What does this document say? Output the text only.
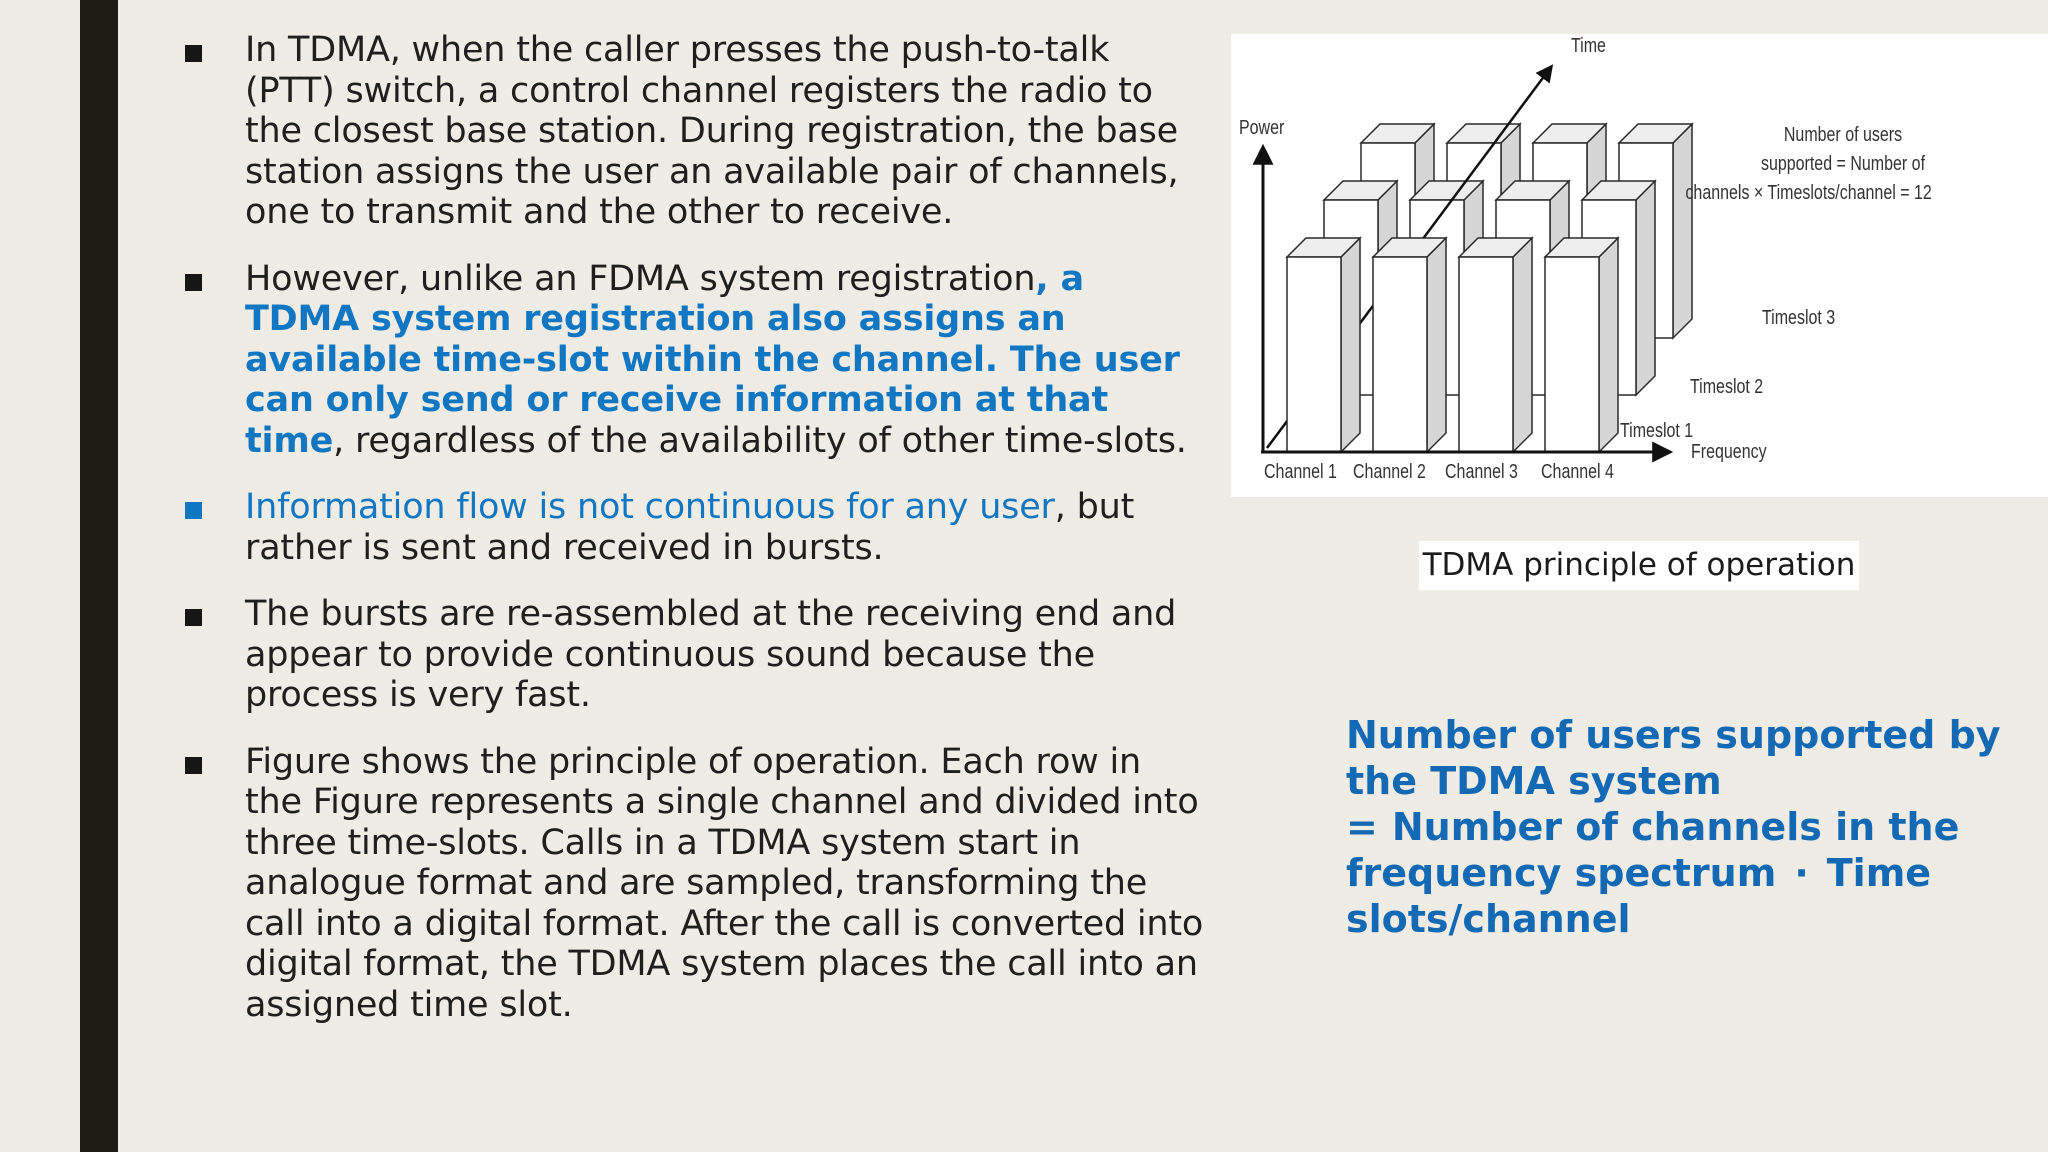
In TDMA, when the caller presses the push-to-talk (PTT) switch, a control channel registers the radio to the closest base station. During registration, the base station assigns the user an available pair of channels, one to transmit and the other to receive.
However, unlike an FDMA system registration, a TDMA system registration also assigns an available time-slot within the channel. The user can only send or receive information at that time, regardless of the availability of other time-slots.
Information flow is not continuous for any user, but rather is sent and received in bursts.
The bursts are re-assembled at the receiving end and appear to provide continuous sound because the process is very fast.
Figure shows the principle of operation. Each row in the Figure represents a single channel and divided into three time-slots. Calls in a TDMA system start in analogue format and are sampled, transforming the call into a digital format. After the call is converted into digital format, the TDMA system places the call into an assigned time slot.
Time
Power
Frequency
Channel 1 Channel 2 Channel 3 Channel 4
Timeslot 1
Timeslot 2
Timeslot 3
Number of users
supported = Number of
channels × Timeslots/channel = 12
TDMA principle of operation

Number of users supported by the TDMA system

= Number of channels in the frequency spectrum · Time slots/channel
